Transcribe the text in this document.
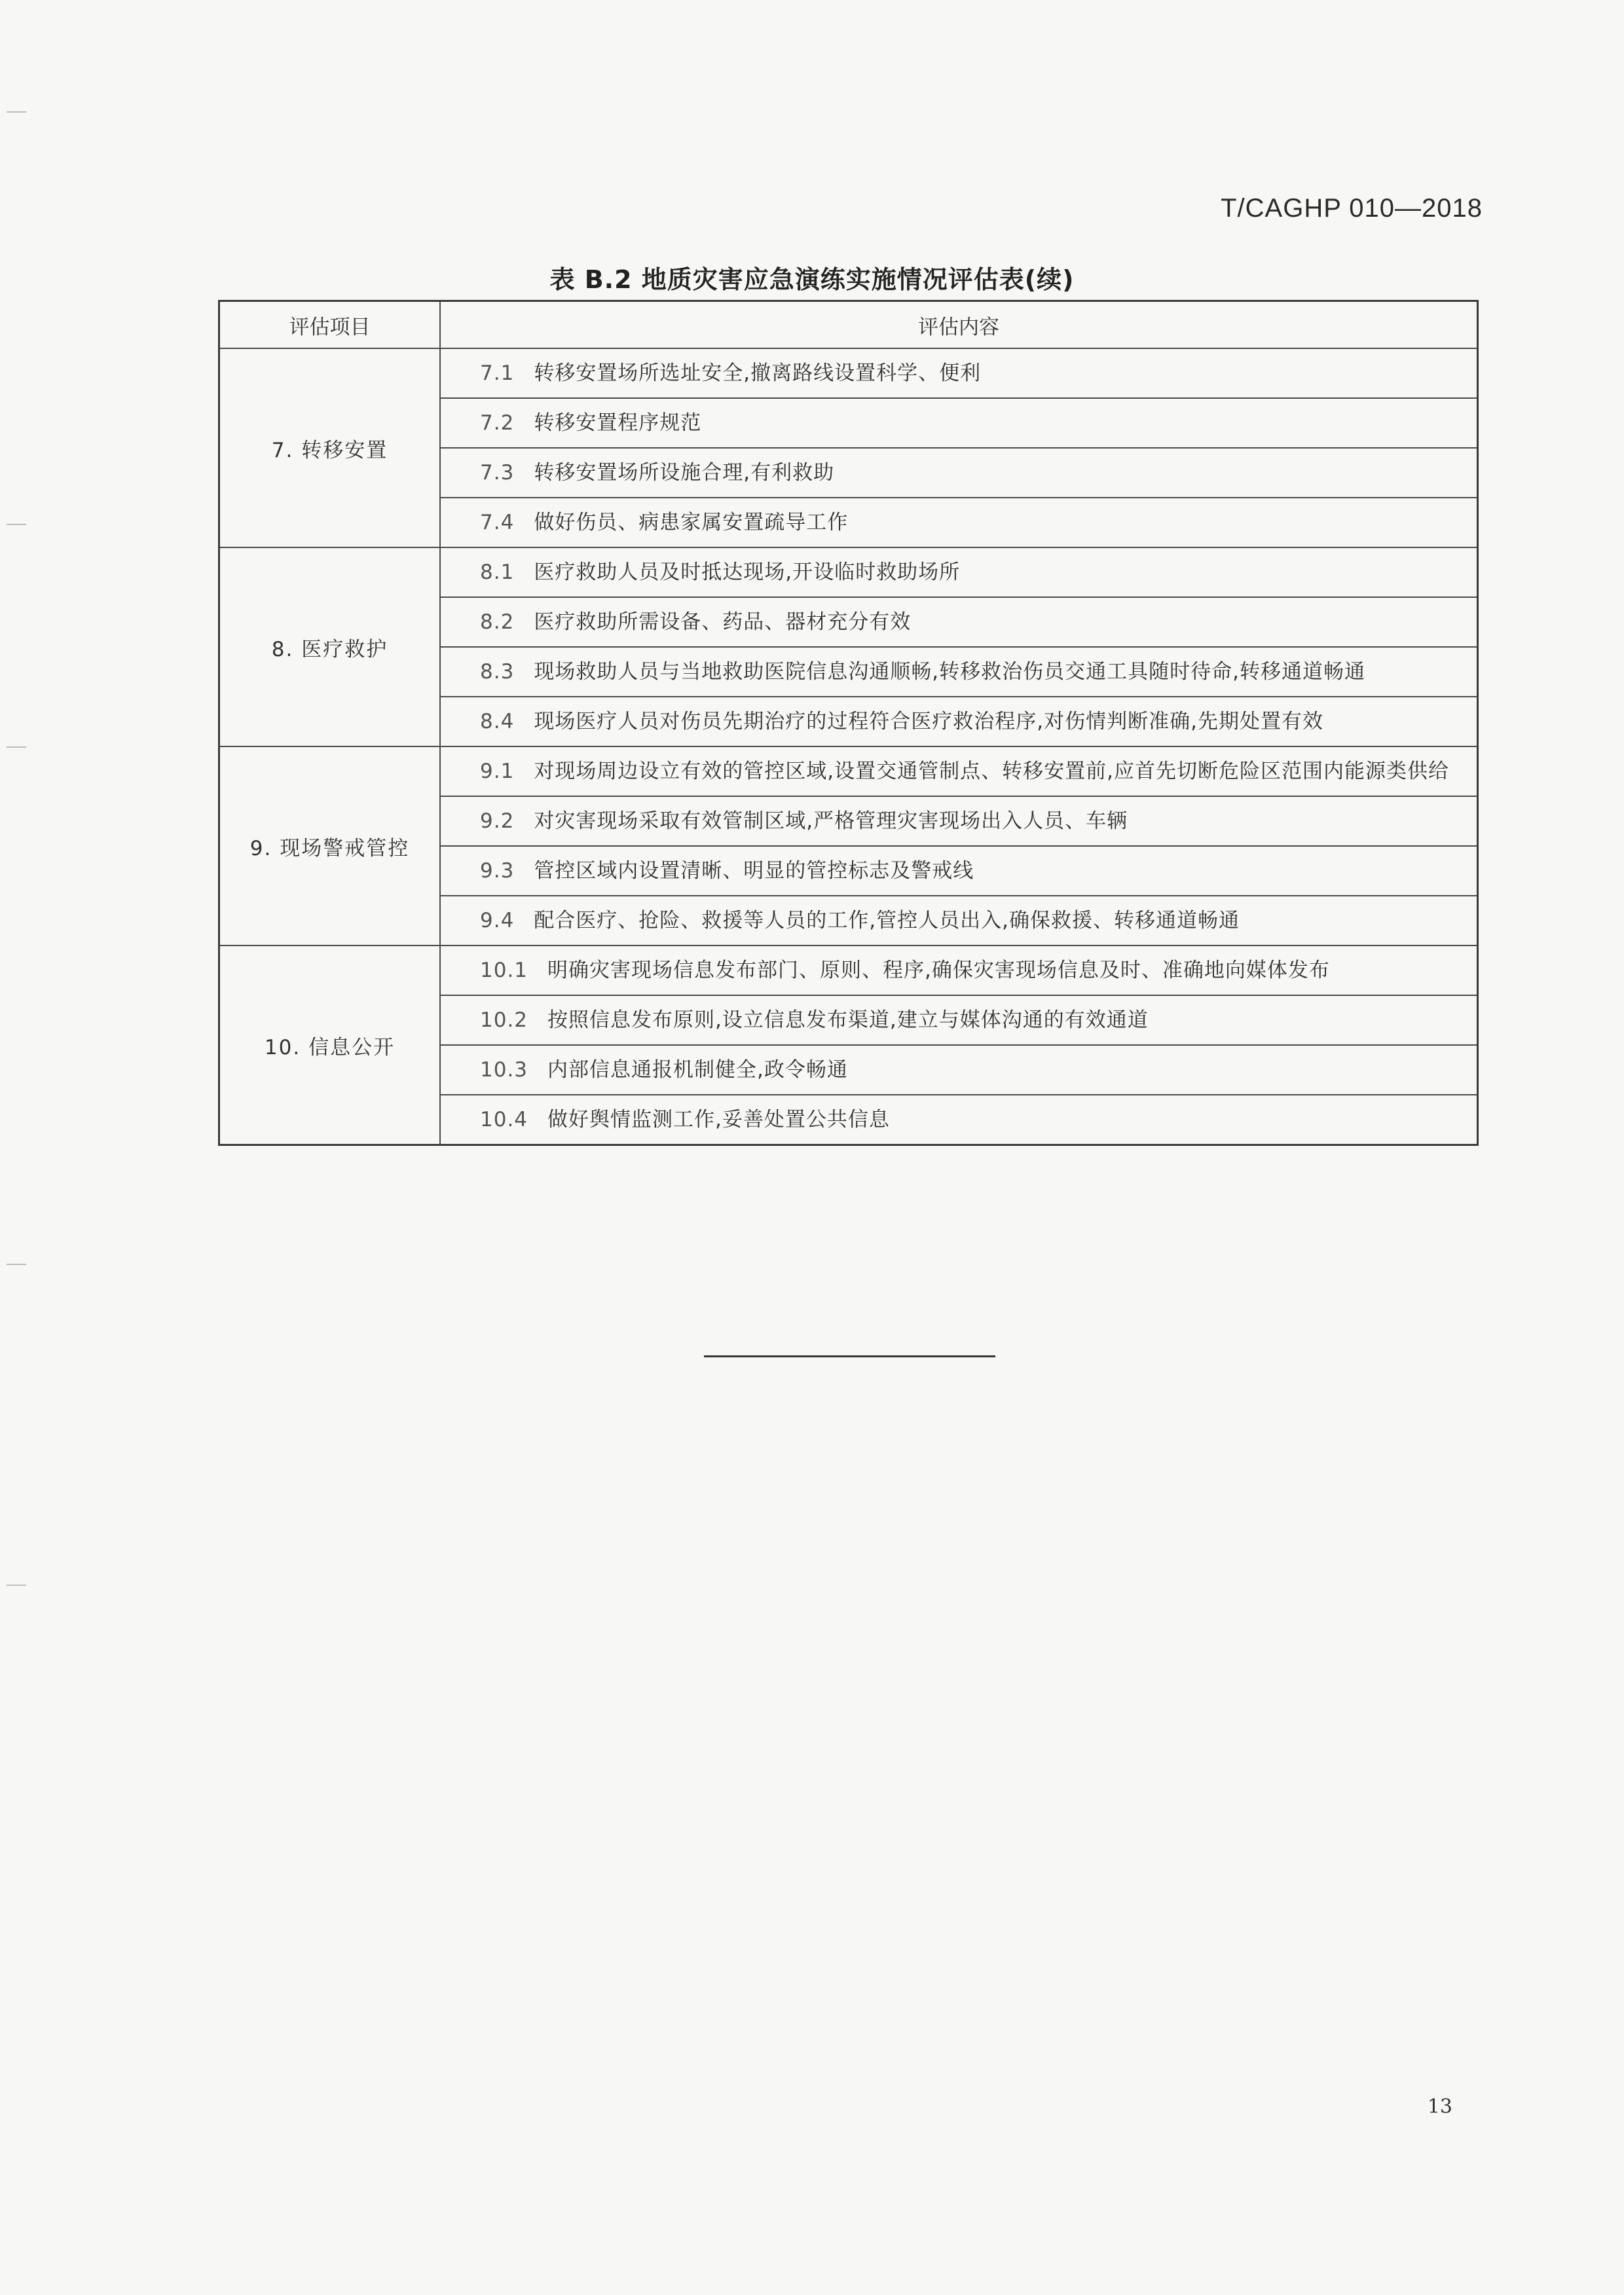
T/CAGHP 010—2018
表 B.2 地质灾害应急演练实施情况评估表(续)
评估项目	评估内容
7. 转移安置	7.1 转移安置场所选址安全,撤离路线设置科学、便利
	7.2 转移安置程序规范
	7.3 转移安置场所设施合理,有利救助
	7.4 做好伤员、病患家属安置疏导工作
8. 医疗救护	8.1 医疗救助人员及时抵达现场,开设临时救助场所
	8.2 医疗救助所需设备、药品、器材充分有效
	8.3 现场救助人员与当地救助医院信息沟通顺畅,转移救治伤员交通工具随时待命,转移通道畅通
	8.4 现场医疗人员对伤员先期治疗的过程符合医疗救治程序,对伤情判断准确,先期处置有效
9. 现场警戒管控	9.1 对现场周边设立有效的管控区域,设置交通管制点、转移安置前,应首先切断危险区范围内能源类供给
	9.2 对灾害现场采取有效管制区域,严格管理灾害现场出入人员、车辆
	9.3 管控区域内设置清晰、明显的管控标志及警戒线
	9.4 配合医疗、抢险、救援等人员的工作,管控人员出入,确保救援、转移通道畅通
10. 信息公开	10.1 明确灾害现场信息发布部门、原则、程序,确保灾害现场信息及时、准确地向媒体发布
	10.2 按照信息发布原则,设立信息发布渠道,建立与媒体沟通的有效通道
	10.3 内部信息通报机制健全,政令畅通
	10.4 做好舆情监测工作,妥善处置公共信息
13
